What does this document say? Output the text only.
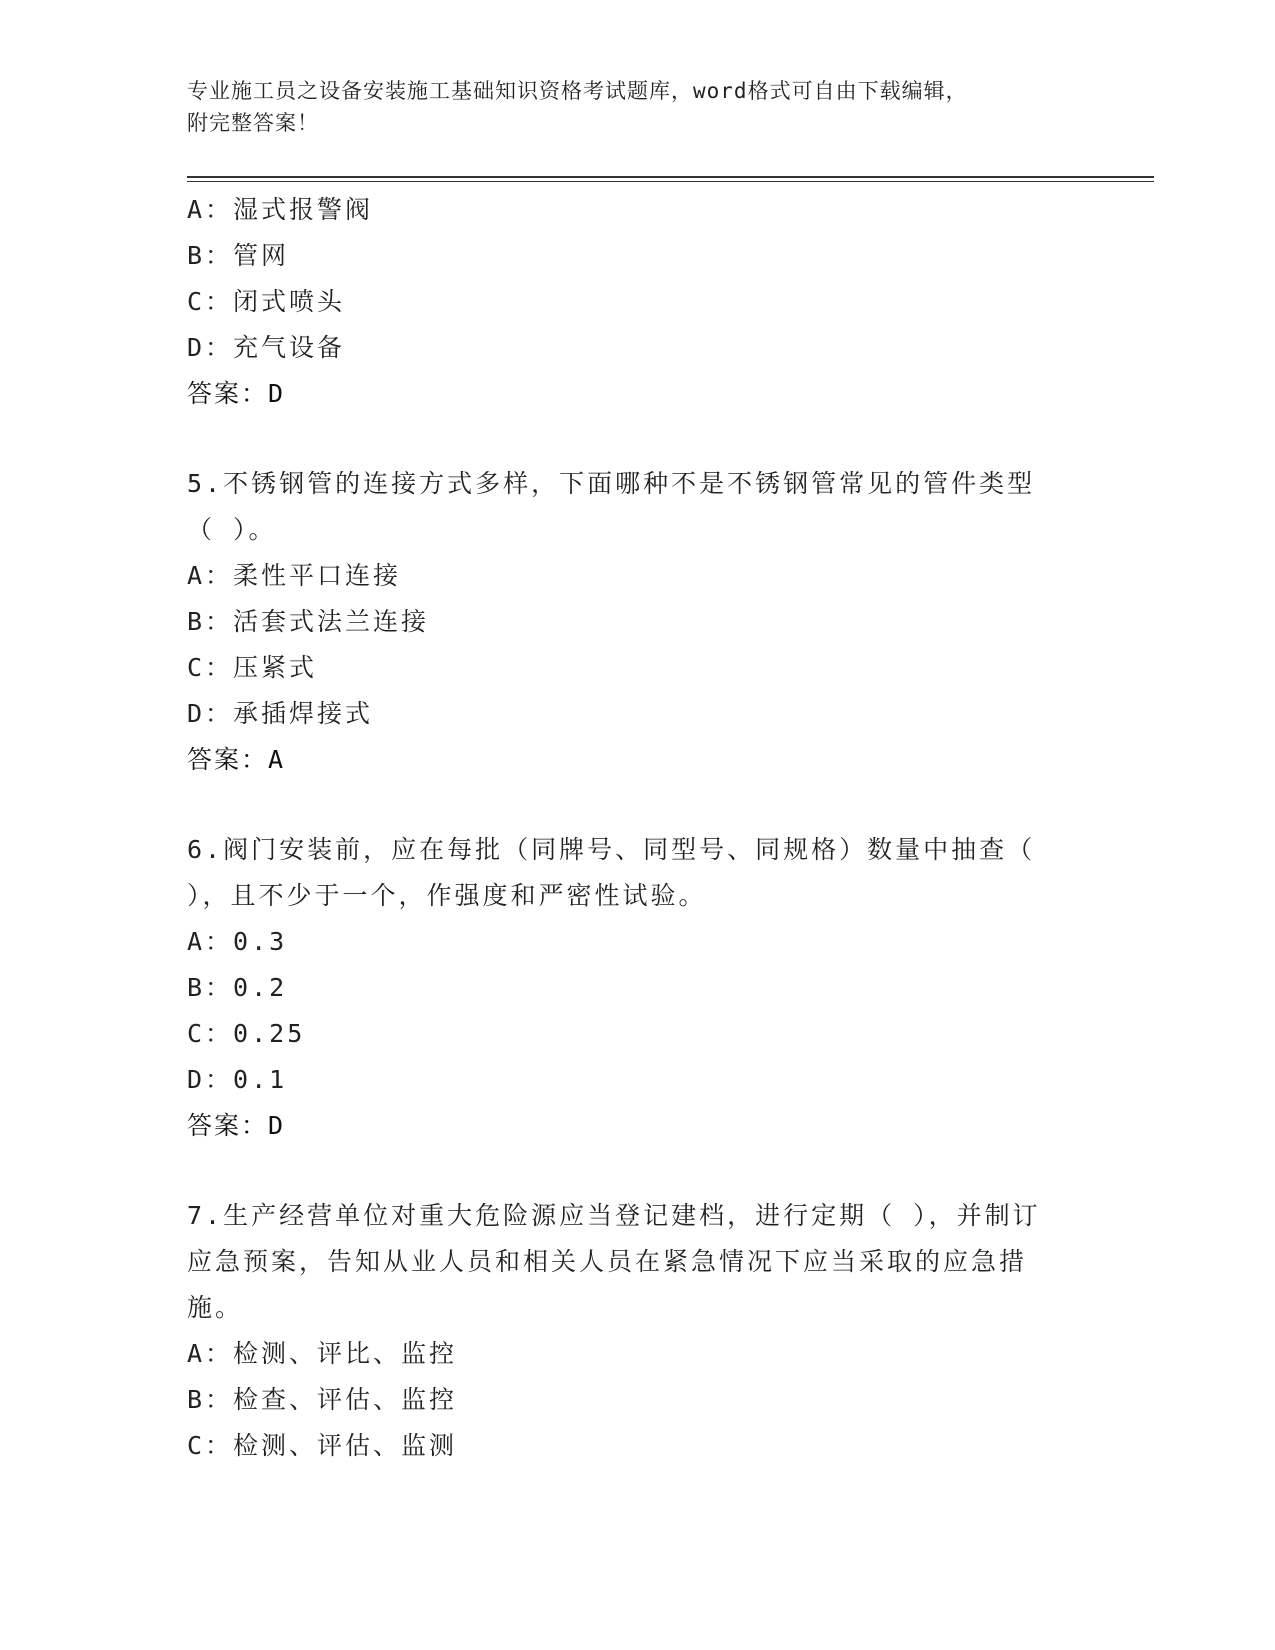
专业施工员之设备安装施工基础知识资格考试题库，word格式可自由下载编辑，
附完整答案！
A：湿式报警阀
B：管网
C：闭式喷头
D：充气设备
答案：D
5.不锈钢管的连接方式多样，下面哪种不是不锈钢管常见的管件类型
（ ）。
A：柔性平口连接
B：活套式法兰连接
C：压紧式
D：承插焊接式
答案：A
6.阀门安装前，应在每批（同牌号、同型号、同规格）数量中抽查（
），且不少于一个，作强度和严密性试验。
A：0.3
B：0.2
C：0.25
D：0.1
答案：D
7.生产经营单位对重大危险源应当登记建档，进行定期（ ），并制订
应急预案，告知从业人员和相关人员在紧急情况下应当采取的应急措
施。
A：检测、评比、监控
B：检查、评估、监控
C：检测、评估、监测
